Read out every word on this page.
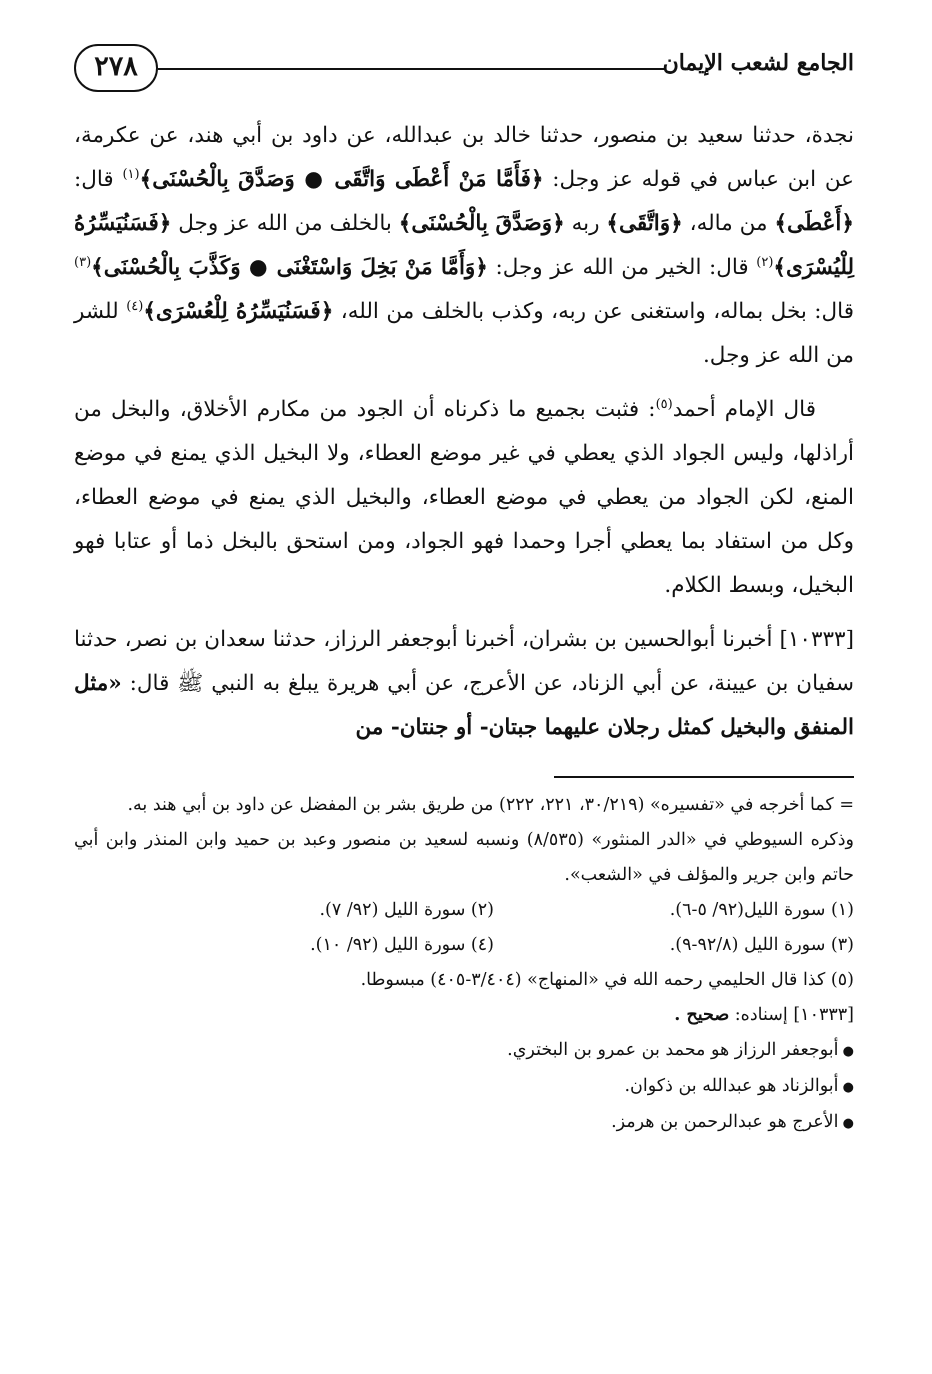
الجامع لشعب الإيمان
٢٧٨

نجدة، حدثنا سعيد بن منصور، حدثنا خالد بن عبدالله، عن داود بن أبي هند، عن عكرمة، عن ابن عباس في قوله عز وجل: ﴿فَأَمَّا مَنْ أَعْطَى وَاتَّقَى ● وَصَدَّقَ بِالْحُسْنَى﴾$^{(١)}$ قال: ﴿أَعْطَى﴾ من ماله، ﴿وَاتَّقَى﴾ ربه ﴿وَصَدَّقَ بِالْحُسْنَى﴾ بالخلف من الله عز وجل ﴿فَسَنُيَسِّرُهُ لِلْيُسْرَى﴾$^{(٢)}$ قال: الخير من الله عز وجل: ﴿وَأَمَّا مَنْ بَخِلَ وَاسْتَغْنَى ● وَكَذَّبَ بِالْحُسْنَى﴾$^{(٣)}$ قال: بخل بماله، واستغنى عن ربه، وكذب بالخلف من الله، ﴿فَسَنُيَسِّرُهُ لِلْعُسْرَى﴾$^{(٤)}$ للشر من الله عز وجل.

قال الإمام أحمد$^{(٥)}$: فثبت بجميع ما ذكرناه أن الجود من مكارم الأخلاق، والبخل من أراذلها، وليس الجواد الذي يعطي في غير موضع العطاء، ولا البخيل الذي يمنع في موضع المنع، لكن الجواد من يعطي في موضع العطاء، والبخيل الذي يمنع في موضع العطاء، وكل من استفاد بما يعطي أجرا وحمدا فهو الجواد، ومن استحق بالبخل ذما أو عتابا فهو البخيل، وبسط الكلام.

[١٠٣٣٣] أخبرنا أبوالحسين بن بشران، أخبرنا أبوجعفر الرزاز، حدثنا سعدان بن نصر، حدثنا سفيان بن عيينة، عن أبي الزناد، عن الأعرج، عن أبي هريرة يبلغ به النبي ﷺ قال: «مثل المنفق والبخيل كمثل رجلان عليهما جبتان- أو جنتان- من

= كما أخرجه في «تفسيره» (٣٠/٢١٩، ٢٢١، ٢٢٢) من طريق بشر بن المفضل عن داود بن أبي هند به.

وذكره السيوطي في «الدر المنثور» (٨/٥٣٥) ونسبه لسعيد بن منصور وعبد بن حميد وابن المنذر وابن أبي حاتم وابن جرير والمؤلف في «الشعب».

(١) سورة الليل(٩٢/ ٥-٦).
(٢) سورة الليل (٩٢/ ٧).
(٣) سورة الليل (٩٢/٨-٩).
(٤) سورة الليل (٩٢/ ١٠).

(٥) كذا قال الحليمي رحمه الله في «المنهاج» (٣/٤٠٤-٤٠٥) مبسوطا.

[١٠٣٣٣] إسناده: صحيح .

● أبوجعفر الرزاز هو محمد بن عمرو بن البختري.

● أبوالزناد هو عبدالله بن ذكوان.

● الأعرج هو عبدالرحمن بن هرمز.
